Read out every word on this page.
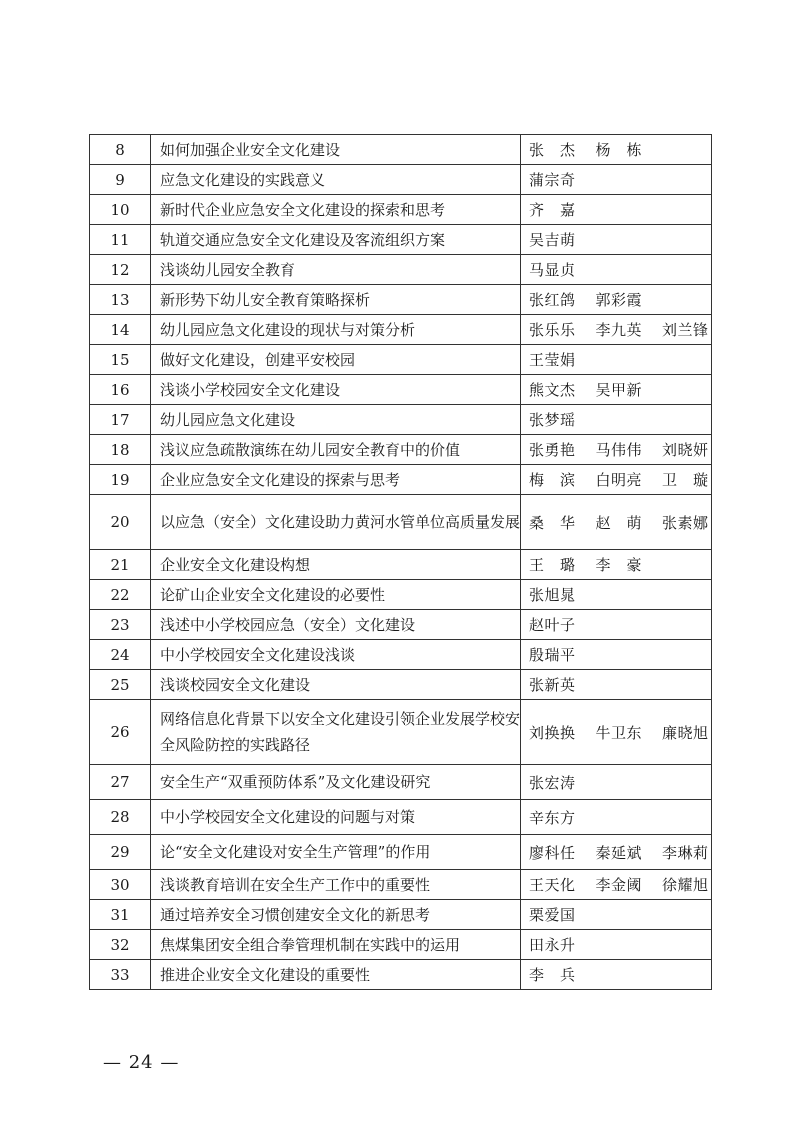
8	如何加强企业安全文化建设	张　杰 杨　栋
9	应急文化建设的实践意义	蒲宗奇
10	新时代企业应急安全文化建设的探索和思考	齐　嘉
11	轨道交通应急安全文化建设及客流组织方案	吴吉萌
12	浅谈幼儿园安全教育	马显贞
13	新形势下幼儿安全教育策略探析	张红鸽 郭彩霞
14	幼儿园应急文化建设的现状与对策分析	张乐乐 李九英 刘兰锋
15	做好文化建设，创建平安校园	王莹娟
16	浅谈小学校园安全文化建设	熊文杰 吴甲新
17	幼儿园应急文化建设	张梦瑶
18	浅议应急疏散演练在幼儿园安全教育中的价值	张勇艳 马伟伟 刘晓妍
19	企业应急安全文化建设的探索与思考	梅　滨 白明亮 卫　璇
20	以应急（安全）文化建设助力黄河水管单位高质量发展	桑　华 赵　萌 张素娜
21	企业安全文化建设构想	王　璐 李　豪
22	论矿山企业安全文化建设的必要性	张旭晁
23	浅述中小学校园应急（安全）文化建设	赵叶子
24	中小学校园安全文化建设浅谈	殷瑞平
25	浅谈校园安全文化建设	张新英
26	网络信息化背景下以安全文化建设引领企业发展学校安全风险防控的实践路径	刘换换 牛卫东 廉晓旭
27	安全生产“双重预防体系”及文化建设研究	张宏涛
28	中小学校园安全文化建设的问题与对策	辛东方
29	论“安全文化建设对安全生产管理”的作用	廖科任 秦延斌 李琳莉
30	浅谈教育培训在安全生产工作中的重要性	王天化 李金阈 徐耀旭
31	通过培养安全习惯创建安全文化的新思考	栗爱国
32	焦煤集团安全组合拳管理机制在实践中的运用	田永升
33	推进企业安全文化建设的重要性	李　兵
— 24 —
